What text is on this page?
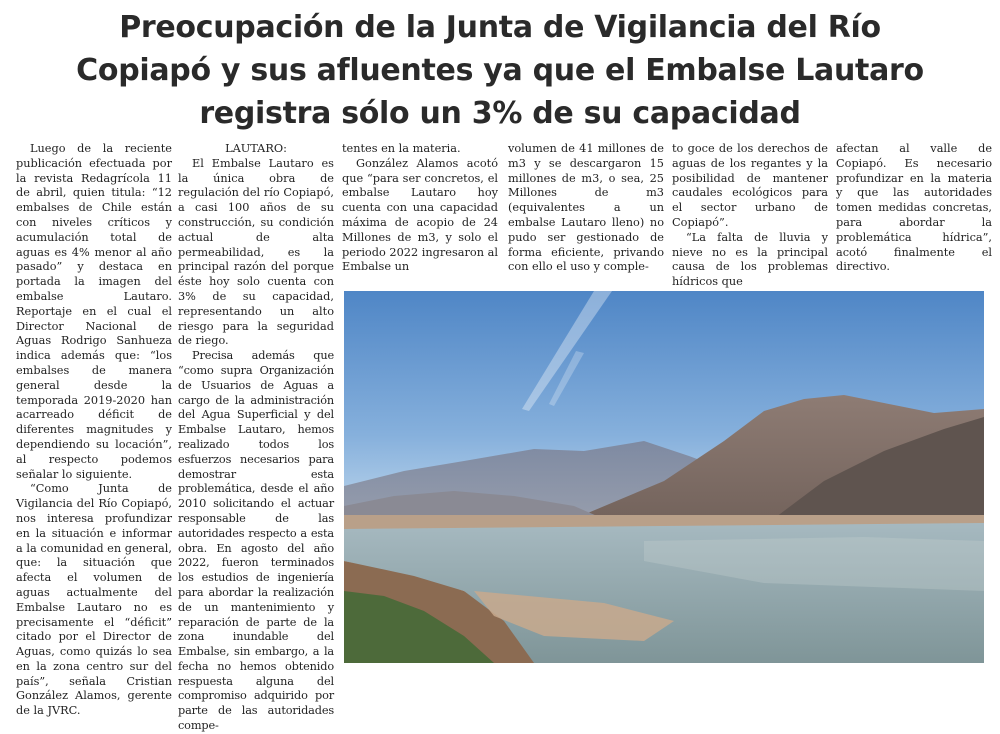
Preocupación de la Junta de Vigilancia del Río
Copiapó y sus afluentes ya que el Embalse Lautaro
registra sólo un 3% de su capacidad

Luego de la reciente publicación efectuada por la revista Redagrícola 11 de abril, quien titula: “12 embalses de Chile están con niveles críticos y acumulación total de aguas es 4% menor al año pasado” y destaca en portada la imagen del embalse Lautaro. Reportaje en el cual el Director Nacional de Aguas Rodrigo Sanhueza indica además que: “los embalses de manera general desde la temporada 2019-2020 han acarreado déficit de diferentes magnitudes y dependiendo su locación”, al respecto podemos señalar lo siguiente.

“Como Junta de Vigilancia del Río Copiapó, nos interesa profundizar en la situación e informar a la comunidad en general, que: la situación que afecta el volumen de aguas actualmente del Embalse Lautaro no es precisamente el “déficit” citado por el Director de Aguas, como quizás lo sea en la zona centro sur del país”, señala Cristian González Alamos, gerente de la JVRC.

LAUTARO:

El Embalse Lautaro es la única obra de regulación del río Copiapó, a casi 100 años de su construcción, su condición actual de alta permeabilidad, es la principal razón del porque éste hoy solo cuenta con 3% de su capacidad, representando un alto riesgo para la seguridad de riego.

Precisa además que “como supra Organización de Usuarios de Aguas a cargo de la administración del Agua Superficial y del Embalse Lautaro, hemos realizado todos los esfuerzos necesarios para demostrar esta problemática, desde el año 2010 solicitando el actuar responsable de las autoridades respecto a esta obra. En agosto del año 2022, fueron terminados los estudios de ingeniería para abordar la realización de un mantenimiento y reparación de parte de la zona inundable del Embalse, sin embargo, a la fecha no hemos obtenido respuesta alguna del compromiso adquirido por parte de las autoridades compe-

tentes en la materia.

González Alamos acotó que “para ser concretos, el embalse Lautaro hoy cuenta con una capacidad máxima de acopio de 24 Millones de m3, y solo el periodo 2022 ingresaron al Embalse un

volumen de 41 millones de m3 y se descargaron 15 millones de m3, o sea, 25 Millones de m3 (equivalentes a un embalse Lautaro lleno) no pudo ser gestionado de forma eficiente, privando con ello el uso y comple-

to goce de los derechos de aguas de los regantes y la posibilidad de mantener caudales ecológicos para el sector urbano de Copiapó”.

“La falta de lluvia y nieve no es la principal causa de los problemas hídricos que

afectan al valle de Copiapó. Es necesario profundizar en la materia y que las autoridades tomen medidas concretas, para abordar la problemática hídrica”, acotó finalmente el directivo.
